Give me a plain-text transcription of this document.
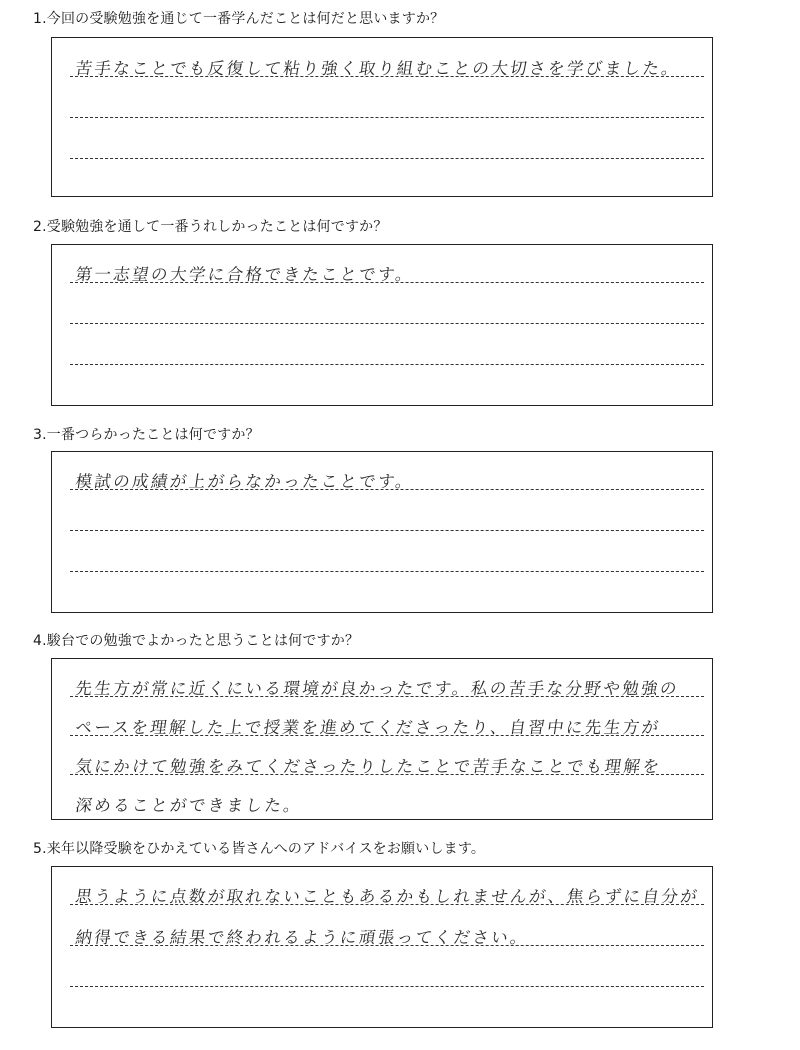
1.今回の受験勉強を通じて一番学んだことは何だと思いますか？
苦手なことでも反復して粘り強く取り組むことの大切さを学びました。
2.受験勉強を通して一番うれしかったことは何ですか？
第一志望の大学に合格できたことです。
3.一番つらかったことは何ですか？
模試の成績が上がらなかったことです。
4.駿台での勉強でよかったと思うことは何ですか？
先生方が常に近くにいる環境が良かったです。私の苦手な分野や勉強の
ペースを理解した上で授業を進めてくださったり、自習中に先生方が
気にかけて勉強をみてくださったりしたことで苦手なことでも理解を
深めることができました。
5.来年以降受験をひかえている皆さんへのアドバイスをお願いします。
思うように点数が取れないこともあるかもしれませんが、焦らずに自分が
納得できる結果で終われるように頑張ってください。
